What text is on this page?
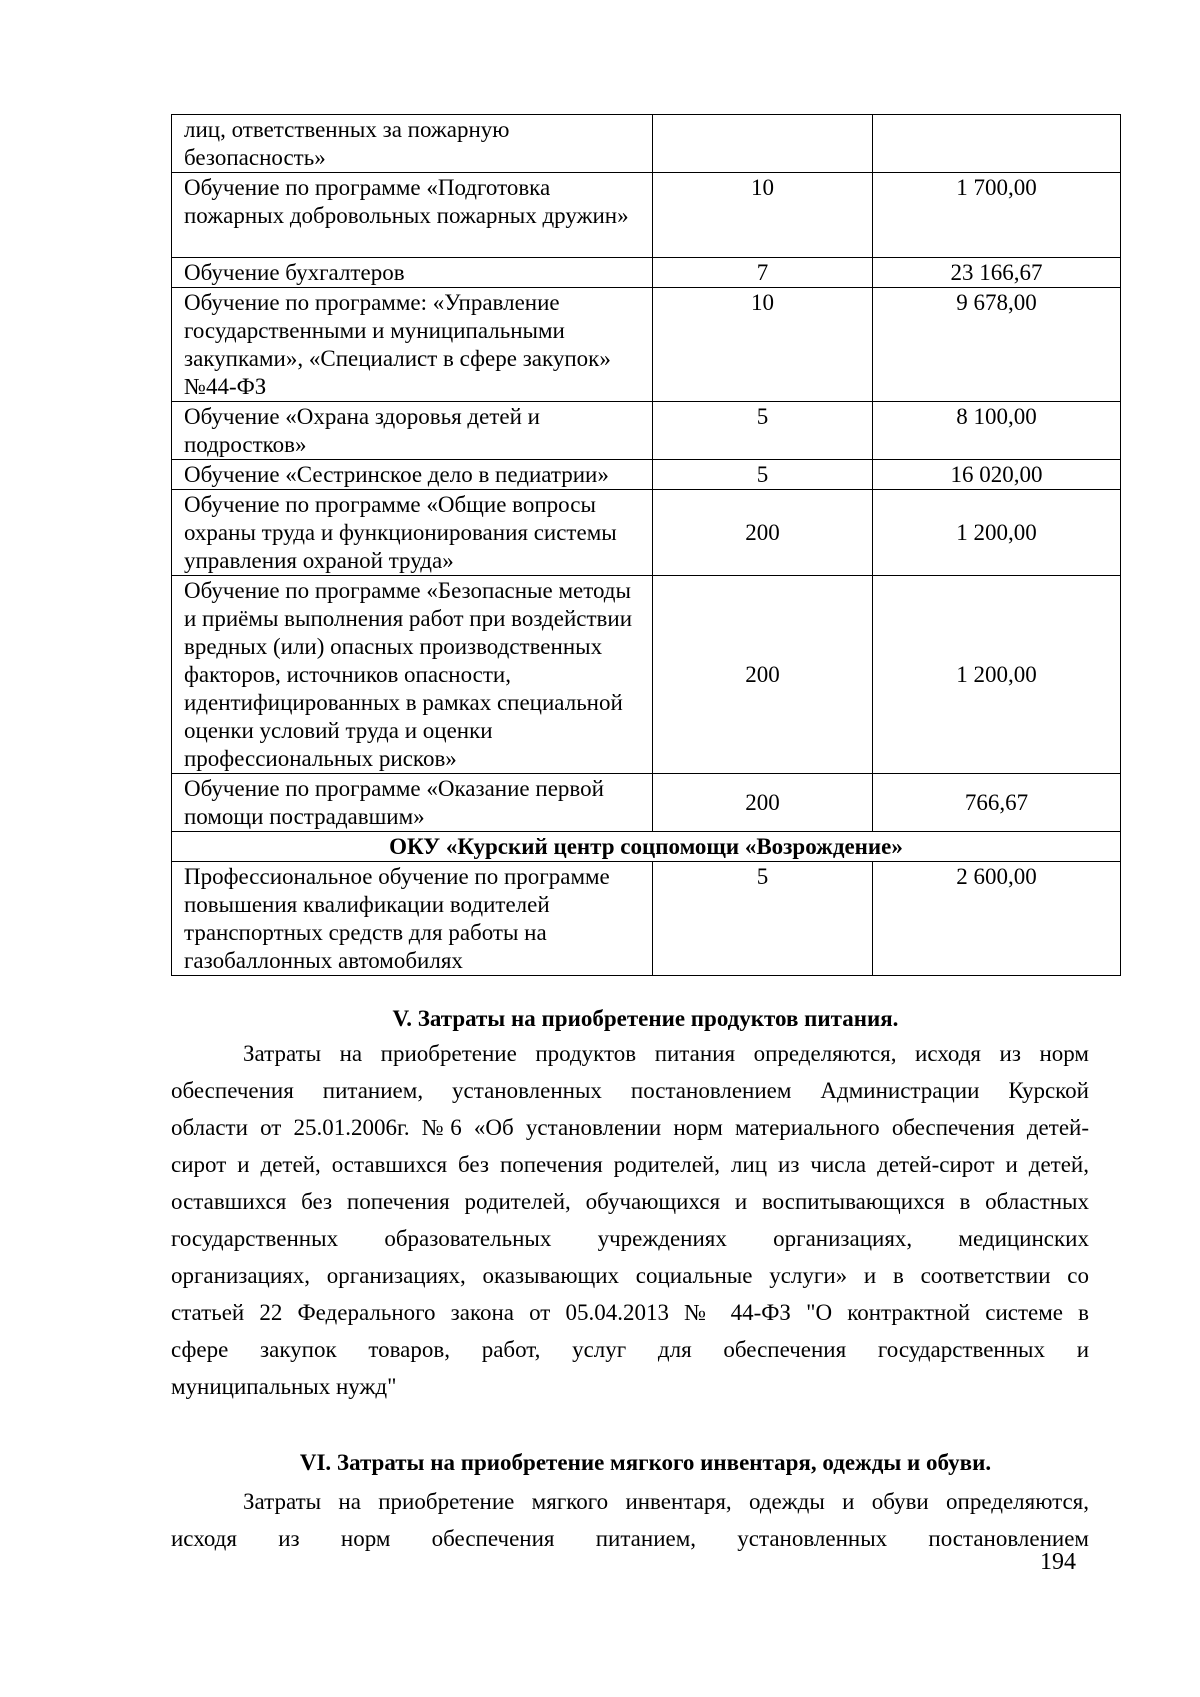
лиц, ответственных за пожарную безопасность»		
Обучение по программе «Подготовка пожарных добровольных пожарных дружин»	10	1 700,00
Обучение бухгалтеров	7	23 166,67
Обучение по программе: «Управление государственными и муниципальными закупками», «Специалист в сфере закупок» №44-ФЗ	10	9 678,00
Обучение «Охрана здоровья детей и подростков»	5	8 100,00
Обучение «Сестринское дело в педиатрии»	5	16 020,00
Обучение по программе «Общие вопросы охраны труда и функционирования системы управления охраной труда»	200	1 200,00
Обучение по программе «Безопасные методы и приёмы выполнения работ при воздействии вредных (или) опасных производственных факторов, источников опасности, идентифицированных в рамках специальной оценки условий труда и оценки профессиональных рисков»	200	1 200,00
Обучение по программе «Оказание первой помощи пострадавшим»	200	766,67
ОКУ «Курский центр соцпомощи «Возрождение»		
Профессиональное обучение по программе повышения квалификации водителей транспортных средств для работы на газобаллонных автомобилях	5	2 600,00
V. Затраты на приобретение продуктов питания.
Затраты на приобретение продуктов питания определяются, исходя из норм
обеспечения питанием, установленных постановлением Администрации Курской
области от 25.01.2006г. №6 «Об установлении норм материального обеспечения детей-
сирот и детей, оставшихся без попечения родителей, лиц из числа детей-сирот и детей,
оставшихся без попечения родителей, обучающихся и воспитывающихся в областных
государственных образовательных учреждениях организациях, медицинских
организациях, организациях, оказывающих социальные услуги» и в соответствии со
статьей 22 Федерального закона от 05.04.2013 № 44-ФЗ "О контрактной системе в
сфере закупок товаров, работ, услуг для обеспечения государственных и
муниципальных нужд"
VI. Затраты на приобретение мягкого инвентаря, одежды и обуви.
Затраты на приобретение мягкого инвентаря, одежды и обуви определяются,
исходя из норм обеспечения питанием, установленных постановлением
194
